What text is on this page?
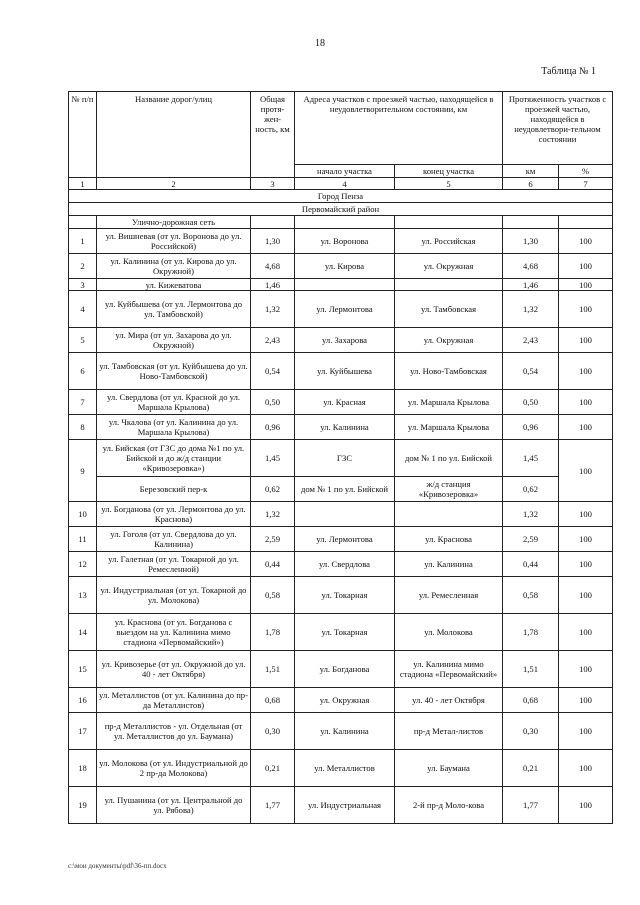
18
Таблица № 1
№ п/п	Название дорог/улиц	Общая протя-жен-ность, км	Адреса участков с проезжей частью, находящейся в неудовлетворительном состоянии, км		Протяженность участков с проезжей частью, находящейся в неудовлетвори-тельном состоянии	
			начало участка	конец участка	км	%
1	2	3	4	5	6	7
Город Пенза						
Первомайский район						
	Улично-дорожная сеть					
1	ул. Вишневая (от ул. Воронова до ул. Российской)	1,30	ул. Воронова	ул. Российская	1,30	100
2	ул. Калинина (от ул. Кирова до ул. Окружной)	4,68	ул. Кирова	ул. Окружная	4,68	100
3	ул. Кижеватова	1,46			1,46	100
4	ул. Куйбышева (от ул. Лермонтова до ул. Тамбовской)	1,32	ул. Лермонтова	ул. Тамбовская	1,32	100
5	ул. Мира (от ул. Захарова до ул. Окружной)	2,43	ул. Захарова	ул. Окружная	2,43	100
6	ул. Тамбовская (от ул. Куйбышева до ул. Ново-Тамбовской)	0,54	ул. Куйбышева	ул. Ново-Тамбовская	0,54	100
7	ул. Свердлова (от ул. Красной до ул. Маршала Крылова)	0,50	ул. Красная	ул. Маршала Крылова	0,50	100
8	ул. Чкалова (от ул. Калинина до ул. Маршала Крылова)	0,96	ул. Калинина	ул. Маршала Крылова	0,96	100
9	ул. Бийская (от ГЗС до дома №1 по ул. Бийской и до ж/д станции «Кривозеровка»)	1,45	ГЗС	дом № 1 по ул. Бийской	1,45	100
	Березовский пер-к	0,62	дом № 1 по ул. Бийской	ж/д станция «Кривозеровка»	0,62	
10	ул. Богданова (от ул. Лермонтова до ул. Краснова)	1,32			1,32	100
11	ул. Гоголя (от ул. Свердлова до ул. Калинина)	2,59	ул. Лермонтова	ул. Краснова	2,59	100
12	ул. Галетная (от ул. Токарной до ул. Ремесленной)	0,44	ул. Свердлова	ул. Калинина	0,44	100
13	ул. Индустриальная (от ул. Токарной до ул. Молокова)	0,58	ул. Токарная	ул. Ремесленная	0,58	100
14	ул. Краснова (от ул. Богданова с выездом на ул. Калинина мимо стадиона «Первомайский»)	1,78	ул. Токарная	ул. Молокова	1,78	100
15	ул. Кривозерье (от ул. Окружной до ул. 40 - лет Октября)	1,51	ул. Богданова	ул. Калинина мимо стадиона «Первомайский»	1,51	100
16	ул. Металлистов (от ул. Калинина до пр-да Металлистов)	0,68	ул. Окружная	ул. 40 - лет Октября	0,68	100
17	пр-д Металлистов - ул. Отдельная (от ул. Металлистов до ул. Баумана)	0,30	ул. Калинина	пр-д Метал-листов	0,30	100
18	ул. Молокова (от ул. Индустриальной до 2 пр-да Молокова)	0,21	ул. Металлистов	ул. Баумана	0,21	100
19	ул. Пушанина (от ул. Центральной до ул. Рябова)	1,77	ул. Индустриальная	2-й пр-д Моло-кова	1,77	100
c:\мои документы\pdf\36-пп.docx
